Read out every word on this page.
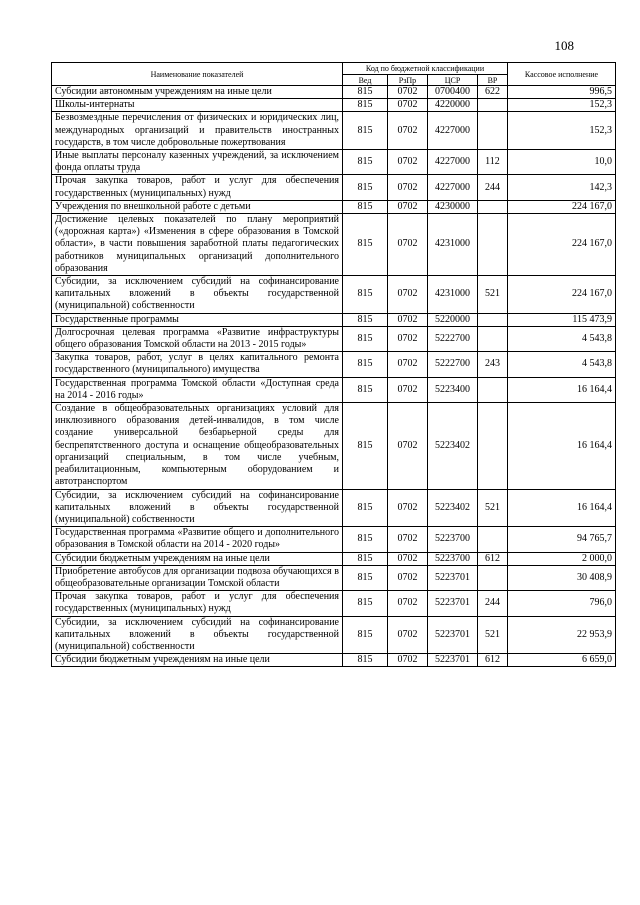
108
Наименование показателей	Код по бюджетной классификации				Кассовое исполнение
	Вед	РзПр	ЦСР	ВР	
Субсидии автономным учреждениям на иные цели	815	0702	0700400	622	996,5
Школы-интернаты	815	0702	4220000		152,3
Безвозмездные перечисления от физических и юридических лиц, международных организаций и правительств иностранных государств, в том числе добровольные пожертвования	815	0702	4227000		152,3
Иные выплаты персоналу казенных учреждений, за исключением фонда оплаты труда	815	0702	4227000	112	10,0
Прочая закупка товаров, работ и услуг для обеспечения государственных (муниципальных) нужд	815	0702	4227000	244	142,3
Учреждения по внешкольной работе с детьми	815	0702	4230000		224 167,0
Достижение целевых показателей по плану мероприятий («дорожная карта») «Изменения в сфере образования в Томской области», в части повышения заработной платы педагогических работников муниципальных организаций дополнительного образования	815	0702	4231000		224 167,0
Субсидии, за исключением субсидий на софинансирование капитальных вложений в объекты государственной (муниципальной) собственности	815	0702	4231000	521	224 167,0
Государственные программы	815	0702	5220000		115 473,9
Долгосрочная целевая программа «Развитие инфраструктуры общего образования Томской области на 2013 - 2015 годы»	815	0702	5222700		4 543,8
Закупка товаров, работ, услуг в целях капитального ремонта государственного (муниципального) имущества	815	0702	5222700	243	4 543,8
Государственная программа Томской области «Доступная среда на 2014 - 2016 годы»	815	0702	5223400		16 164,4
Создание в общеобразовательных организациях условий для инклюзивного образования детей-инвалидов, в том числе создание универсальной безбарьерной среды для беспрепятственного доступа и оснащение общеобразовательных организаций специальным, в том числе учебным, реабилитационным, компьютерным оборудованием и автотранспортом	815	0702	5223402		16 164,4
Субсидии, за исключением субсидий на софинансирование капитальных вложений в объекты государственной (муниципальной) собственности	815	0702	5223402	521	16 164,4
Государственная программа «Развитие общего и дополнительного образования в Томской области на 2014 - 2020 годы»	815	0702	5223700		94 765,7
Субсидии бюджетным учреждениям на иные цели	815	0702	5223700	612	2 000,0
Приобретение автобусов для организации подвоза обучающихся в общеобразовательные организации Томской области	815	0702	5223701		30 408,9
Прочая закупка товаров, работ и услуг для обеспечения государственных (муниципальных) нужд	815	0702	5223701	244	796,0
Субсидии, за исключением субсидий на софинансирование капитальных вложений в объекты государственной (муниципальной) собственности	815	0702	5223701	521	22 953,9
Субсидии бюджетным учреждениям на иные цели	815	0702	5223701	612	6 659,0
